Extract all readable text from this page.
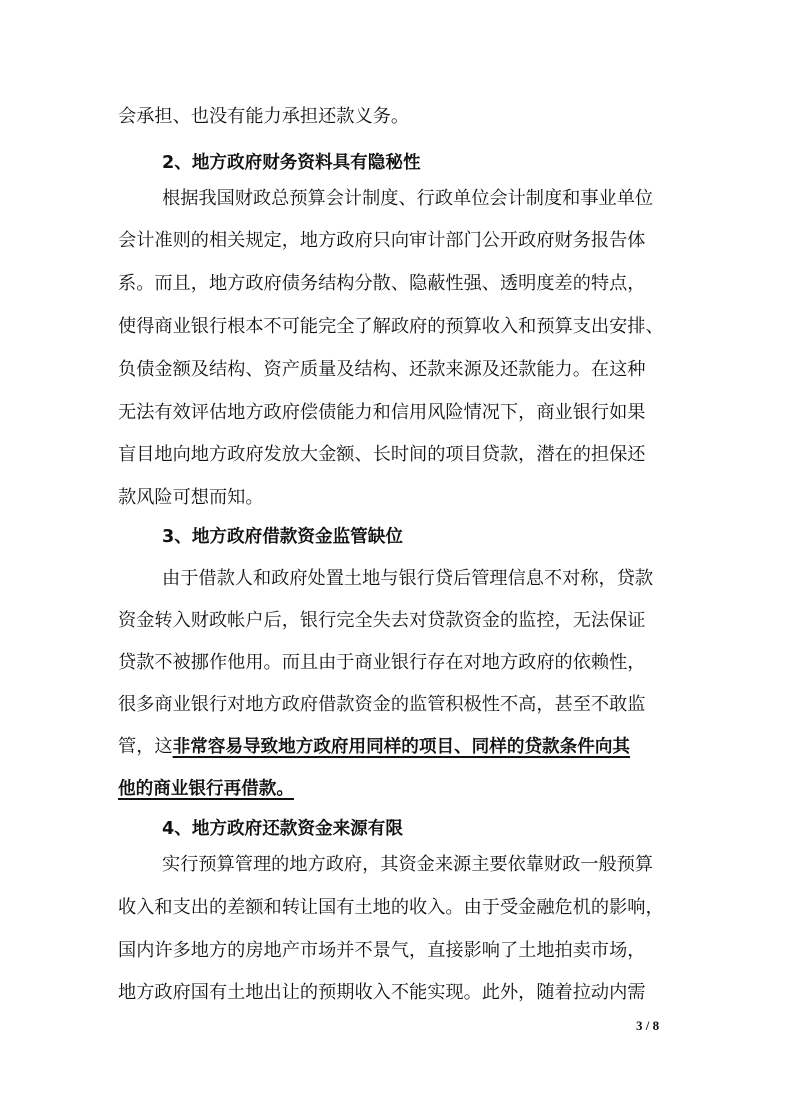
会承担、也没有能力承担还款义务。
2、地方政府财务资料具有隐秘性
根据我国财政总预算会计制度、行政单位会计制度和事业单位
会计准则的相关规定，地方政府只向审计部门公开政府财务报告体
系。而且，地方政府债务结构分散、隐蔽性强、透明度差的特点，
使得商业银行根本不可能完全了解政府的预算收入和预算支出安排、
负债金额及结构、资产质量及结构、还款来源及还款能力。在这种
无法有效评估地方政府偿债能力和信用风险情况下，商业银行如果
盲目地向地方政府发放大金额、长时间的项目贷款，潜在的担保还
款风险可想而知。
3、地方政府借款资金监管缺位
由于借款人和政府处置土地与银行贷后管理信息不对称，贷款
资金转入财政帐户后，银行完全失去对贷款资金的监控，无法保证
贷款不被挪作他用。而且由于商业银行存在对地方政府的依赖性，
很多商业银行对地方政府借款资金的监管积极性不高，甚至不敢监
管，这非常容易导致地方政府用同样的项目、同样的贷款条件向其
他的商业银行再借款。
4、地方政府还款资金来源有限
实行预算管理的地方政府，其资金来源主要依靠财政一般预算
收入和支出的差额和转让国有土地的收入。由于受金融危机的影响，
国内许多地方的房地产市场并不景气，直接影响了土地拍卖市场，
地方政府国有土地出让的预期收入不能实现。此外，随着拉动内需
3 / 8
